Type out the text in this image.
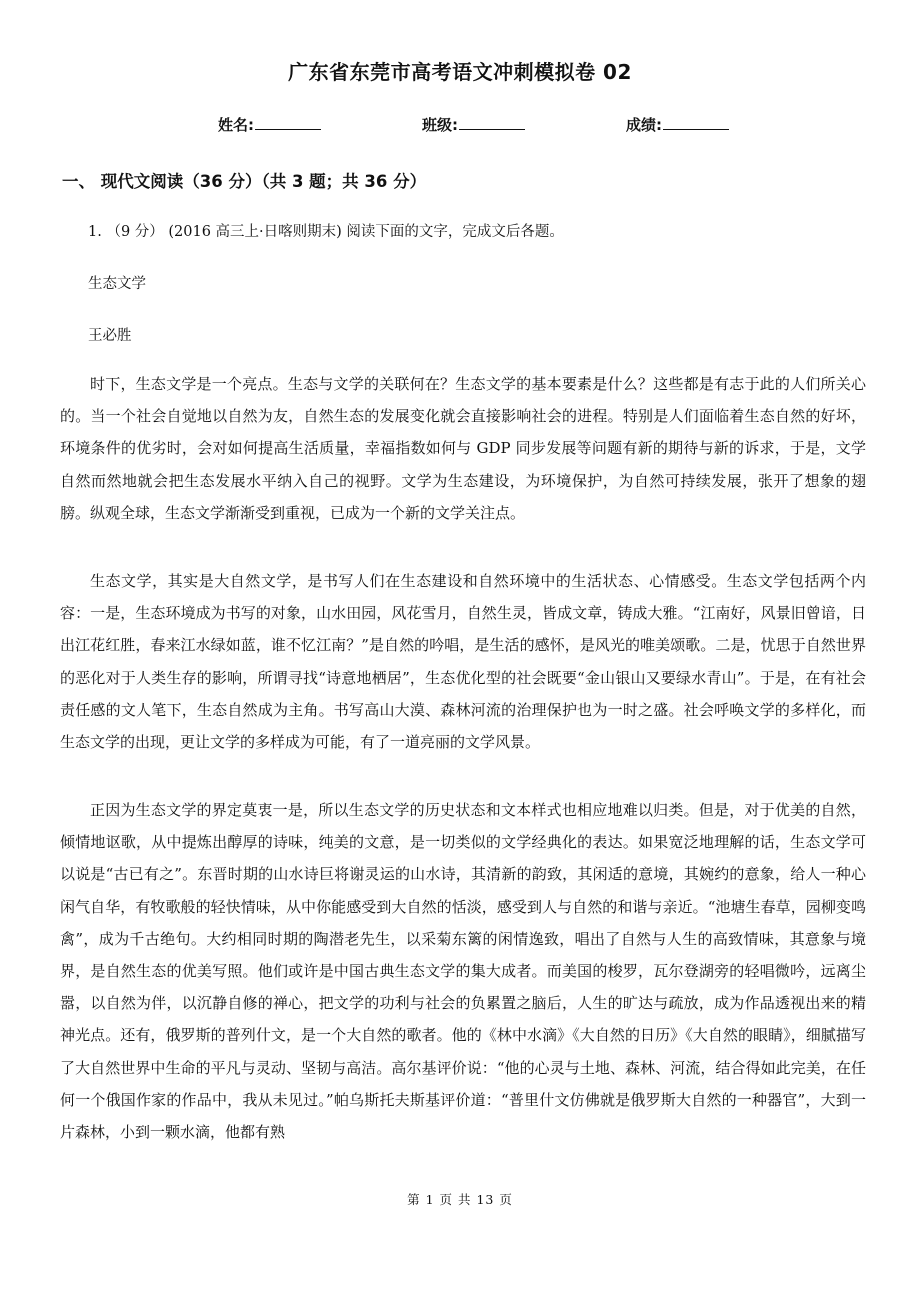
广东省东莞市高考语文冲刺模拟卷 02
姓名:	班级:	成绩:
一、 现代文阅读（36 分）（共 3 题；共 36 分）
1. （9 分） (2016 高三上·日喀则期末) 阅读下面的文字，完成文后各题。
生态文学
王必胜

时下，生态文学是一个亮点。生态与文学的关联何在？生态文学的基本要素是什么？这些都是有志于此的人们所关心的。当一个社会自觉地以自然为友，自然生态的发展变化就会直接影响社会的进程。特别是人们面临着生态自然的好坏，环境条件的优劣时，会对如何提高生活质量，幸福指数如何与 GDP 同步发展等问题有新的期待与新的诉求，于是，文学自然而然地就会把生态发展水平纳入自己的视野。文学为生态建设，为环境保护，为自然可持续发展，张开了想象的翅膀。纵观全球，生态文学渐渐受到重视，已成为一个新的文学关注点。

生态文学，其实是大自然文学，是书写人们在生态建设和自然环境中的生活状态、心情感受。生态文学包括两个内容：一是，生态环境成为书写的对象，山水田园，风花雪月，自然生灵，皆成文章，铸成大雅。“江南好，风景旧曾谙，日出江花红胜，春来江水绿如蓝，谁不忆江南？”是自然的吟唱，是生活的感怀，是风光的唯美颂歌。二是，忧思于自然世界的恶化对于人类生存的影响，所谓寻找“诗意地栖居”，生态优化型的社会既要“金山银山又要绿水青山”。于是，在有社会责任感的文人笔下，生态自然成为主角。书写高山大漠、森林河流的治理保护也为一时之盛。社会呼唤文学的多样化，而生态文学的出现，更让文学的多样成为可能，有了一道亮丽的文学风景。

正因为生态文学的界定莫衷一是，所以生态文学的历史状态和文本样式也相应地难以归类。但是，对于优美的自然，倾情地讴歌，从中提炼出醇厚的诗味，纯美的文意，是一切类似的文学经典化的表达。如果宽泛地理解的话，生态文学可以说是“古已有之”。东晋时期的山水诗巨将谢灵运的山水诗，其清新的韵致，其闲适的意境，其婉约的意象，给人一种心闲气自华，有牧歌般的轻快情味，从中你能感受到大自然的恬淡，感受到人与自然的和谐与亲近。“池塘生春草，园柳变鸣禽”，成为千古绝句。大约相同时期的陶潜老先生，以采菊东篱的闲情逸致，唱出了自然与人生的高致情味，其意象与境界，是自然生态的优美写照。他们或许是中国古典生态文学的集大成者。而美国的梭罗，瓦尔登湖旁的轻唱微吟，远离尘嚣，以自然为伴，以沉静自修的禅心，把文学的功利与社会的负累置之脑后，人生的旷达与疏放，成为作品透视出来的精神光点。还有，俄罗斯的普列什文，是一个大自然的歌者。他的《林中水滴》《大自然的日历》《大自然的眼睛》，细腻描写了大自然世界中生命的平凡与灵动、坚韧与高洁。高尔基评价说：“他的心灵与土地、森林、河流，结合得如此完美，在任何一个俄国作家的作品中，我从未见过。”帕乌斯托夫斯基评价道：“普里什文仿佛就是俄罗斯大自然的一种器官”，大到一片森林，小到一颗水滴，他都有熟

第 1 页 共 13 页
